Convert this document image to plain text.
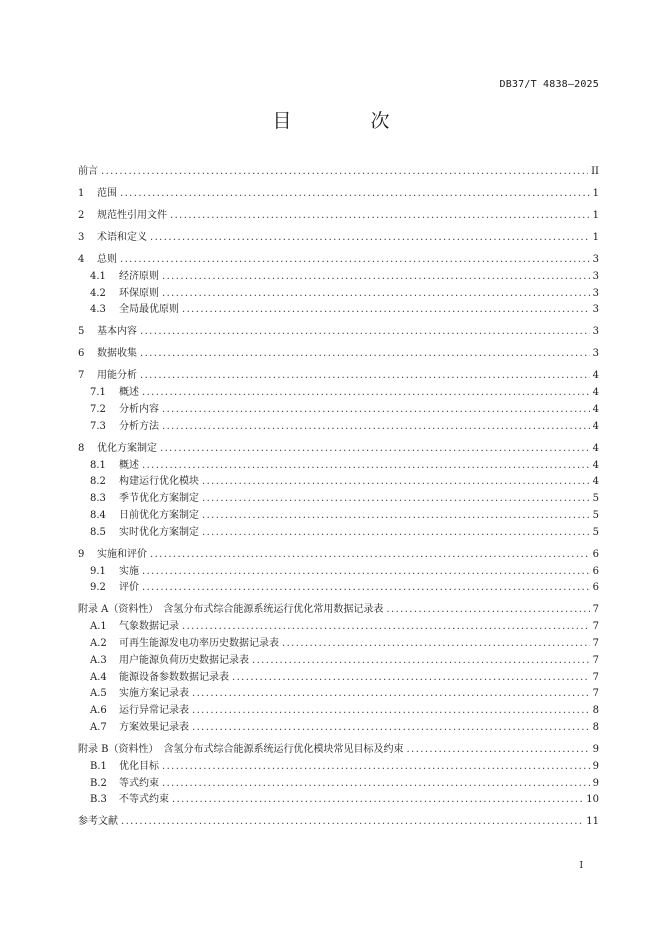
DB37/T 4838—2025
目　次
前言 .....	II
1	范围 .....	1
2	规范性引用文件 .....	1
3	术语和定义 .....	1
4	总则 .....	3
4.1	经济原则 .....	3
4.2	环保原则 .....	3
4.3	全局最优原则 .....	3
5	基本内容 .....	3
6	数据收集 .....	3
7	用能分析 .....	4
7.1	概述 .....	4
7.2	分析内容 .....	4
7.3	分析方法 .....	4
8	优化方案制定 .....	4
8.1	概述 .....	4
8.2	构建运行优化模块 .....	4
8.3	季节优化方案制定 .....	5
8.4	日前优化方案制定 .....	5
8.5	实时优化方案制定 .....	5
9	实施和评价 .....	6
9.1	实施 .....	6
9.2	评价 .....	6
附录 A（资料性）　含氢分布式综合能源系统运行优化常用数据记录表 .....	7
A.1	气象数据记录 .....	7
A.2	可再生能源发电功率历史数据记录表 .....	7
A.3	用户能源负荷历史数据记录表 .....	7
A.4	能源设备参数数据记录表 .....	7
A.5	实施方案记录表 .....	7
A.6	运行异常记录表 .....	8
A.7	方案效果记录表 .....	8
附录 B（资料性）　含氢分布式综合能源系统运行优化模块常见目标及约束 .....	9
B.1	优化目标 .....	9
B.2	等式约束 .....	9
B.3	不等式约束 .....	10
参考文献 .....	11
I
